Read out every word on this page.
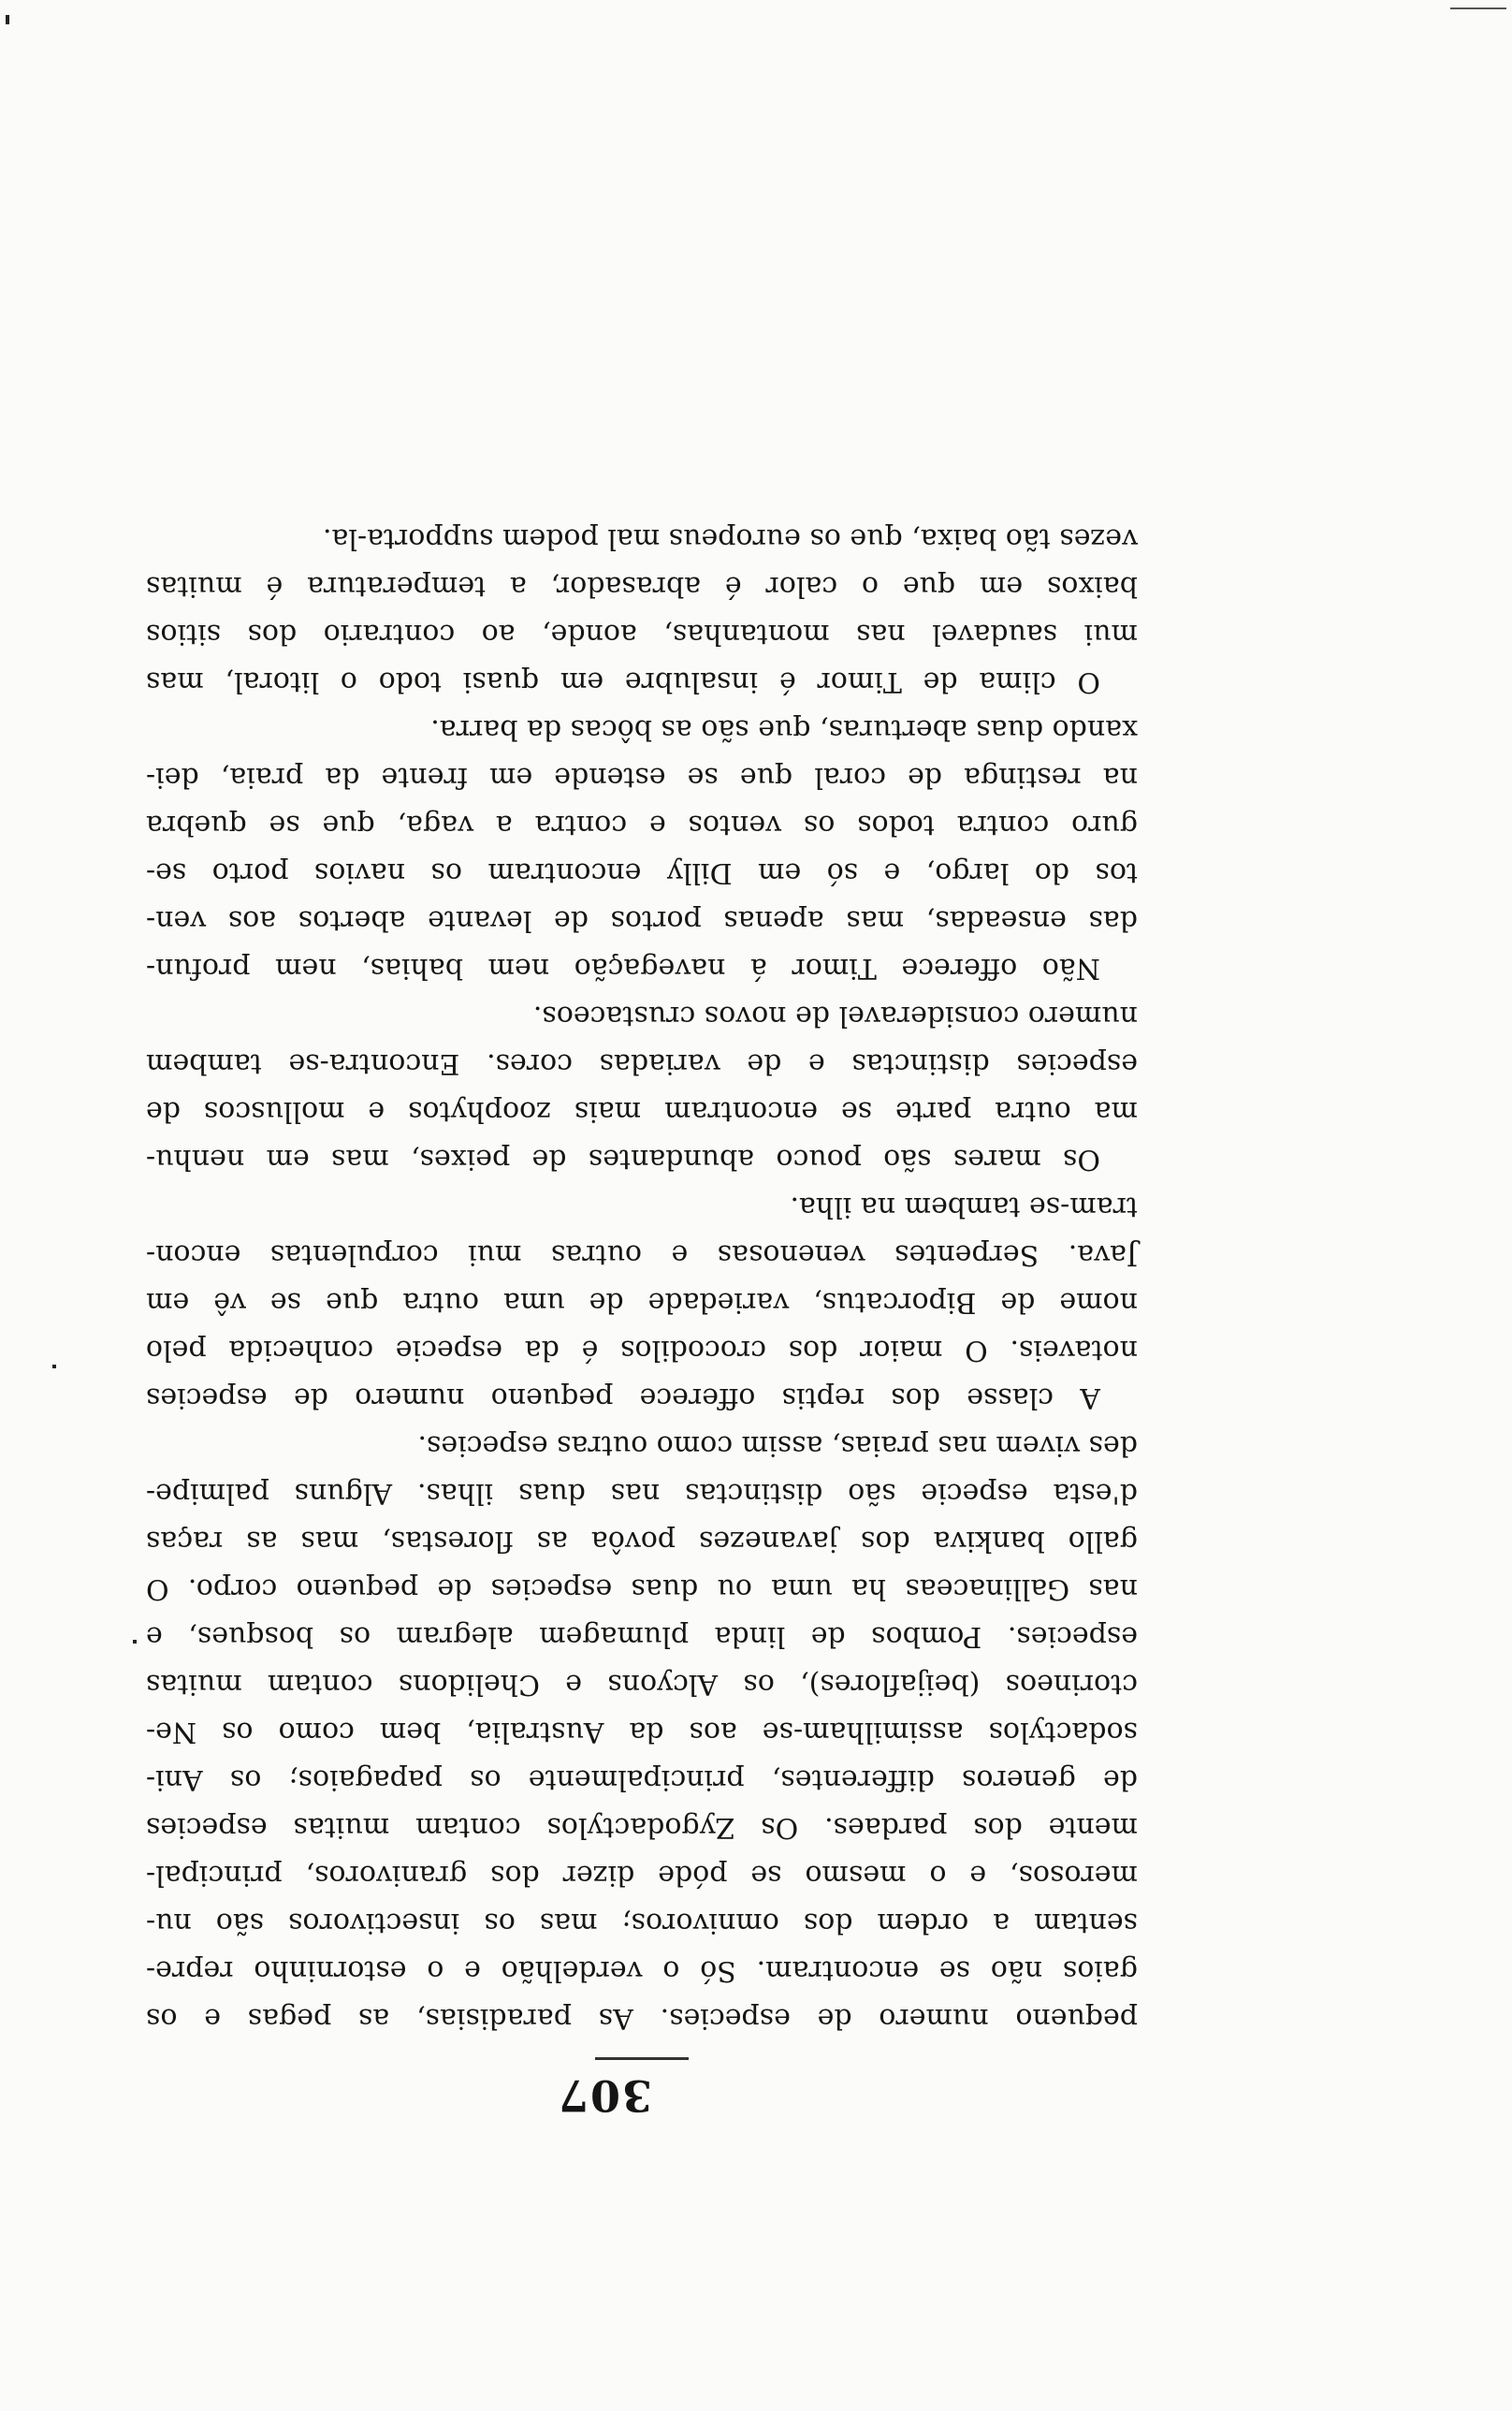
307
pequeno numero de especies. As paradisias, as pegas e os
gaios não se encontram. Só o verdelhão e o estorninho repre-
sentam a ordem dos omnivoros; mas os insectivoros são nu-
merosos, e o mesmo se póde dizer dos granivoros, principal-
mente dos pardaes. Os Zygodactylos contam muitas especies
de generos differentes, principalmente os papagaios; os Ani-
sodactylos assimilham-se aos da Australia, bem como os Ne-
ctorineos (beijaflores), os Alcyons e Chelidons contam muitas
especies. Pombos de linda plumagem alegram os bosques, e
nas Gallinaceas ha uma ou duas especies de pequeno corpo. O
gallo bankiva dos javanezes povôa as florestas, mas as raças
d'esta especie são distinctas nas duas ilhas. Alguns palmipe-
des vivem nas praias, assim como outras especies.
A classe dos reptis offerece pequeno numero de especies
notaveis. O maior dos crocodilos é da especie conhecida pelo
nome de Biporcatus, variedade de uma outra que se vê em
Java. Serpentes venenosas e outras mui corpulentas encon-
tram-se tambem na ilha.
Os mares são pouco abundantes de peixes, mas em nenhu-
ma outra parte se encontram mais zoophytos e molluscos de
especies distinctas e de variadas cores. Encontra-se tambem
numero consideravel de novos crustaceos.
Não offerece Timor á navegação nem bahias, nem profun-
das enseadas, mas apenas portos de levante abertos aos ven-
tos do largo, e só em Dilly encontram os navios porto se-
guro contra todos os ventos e contra a vaga, que se quebra
na restinga de coral que se estende em frente da praia, dei-
xando duas aberturas, que são as bôcas da barra.
O clima de Timor é insalubre em quasi todo o litoral, mas
mui saudavel nas montanhas, aonde, ao contrario dos sitios
baixos em que o calor é abrasador, a temperatura é muitas
vezes tão baixa, que os europeus mal podem supporta-la.
